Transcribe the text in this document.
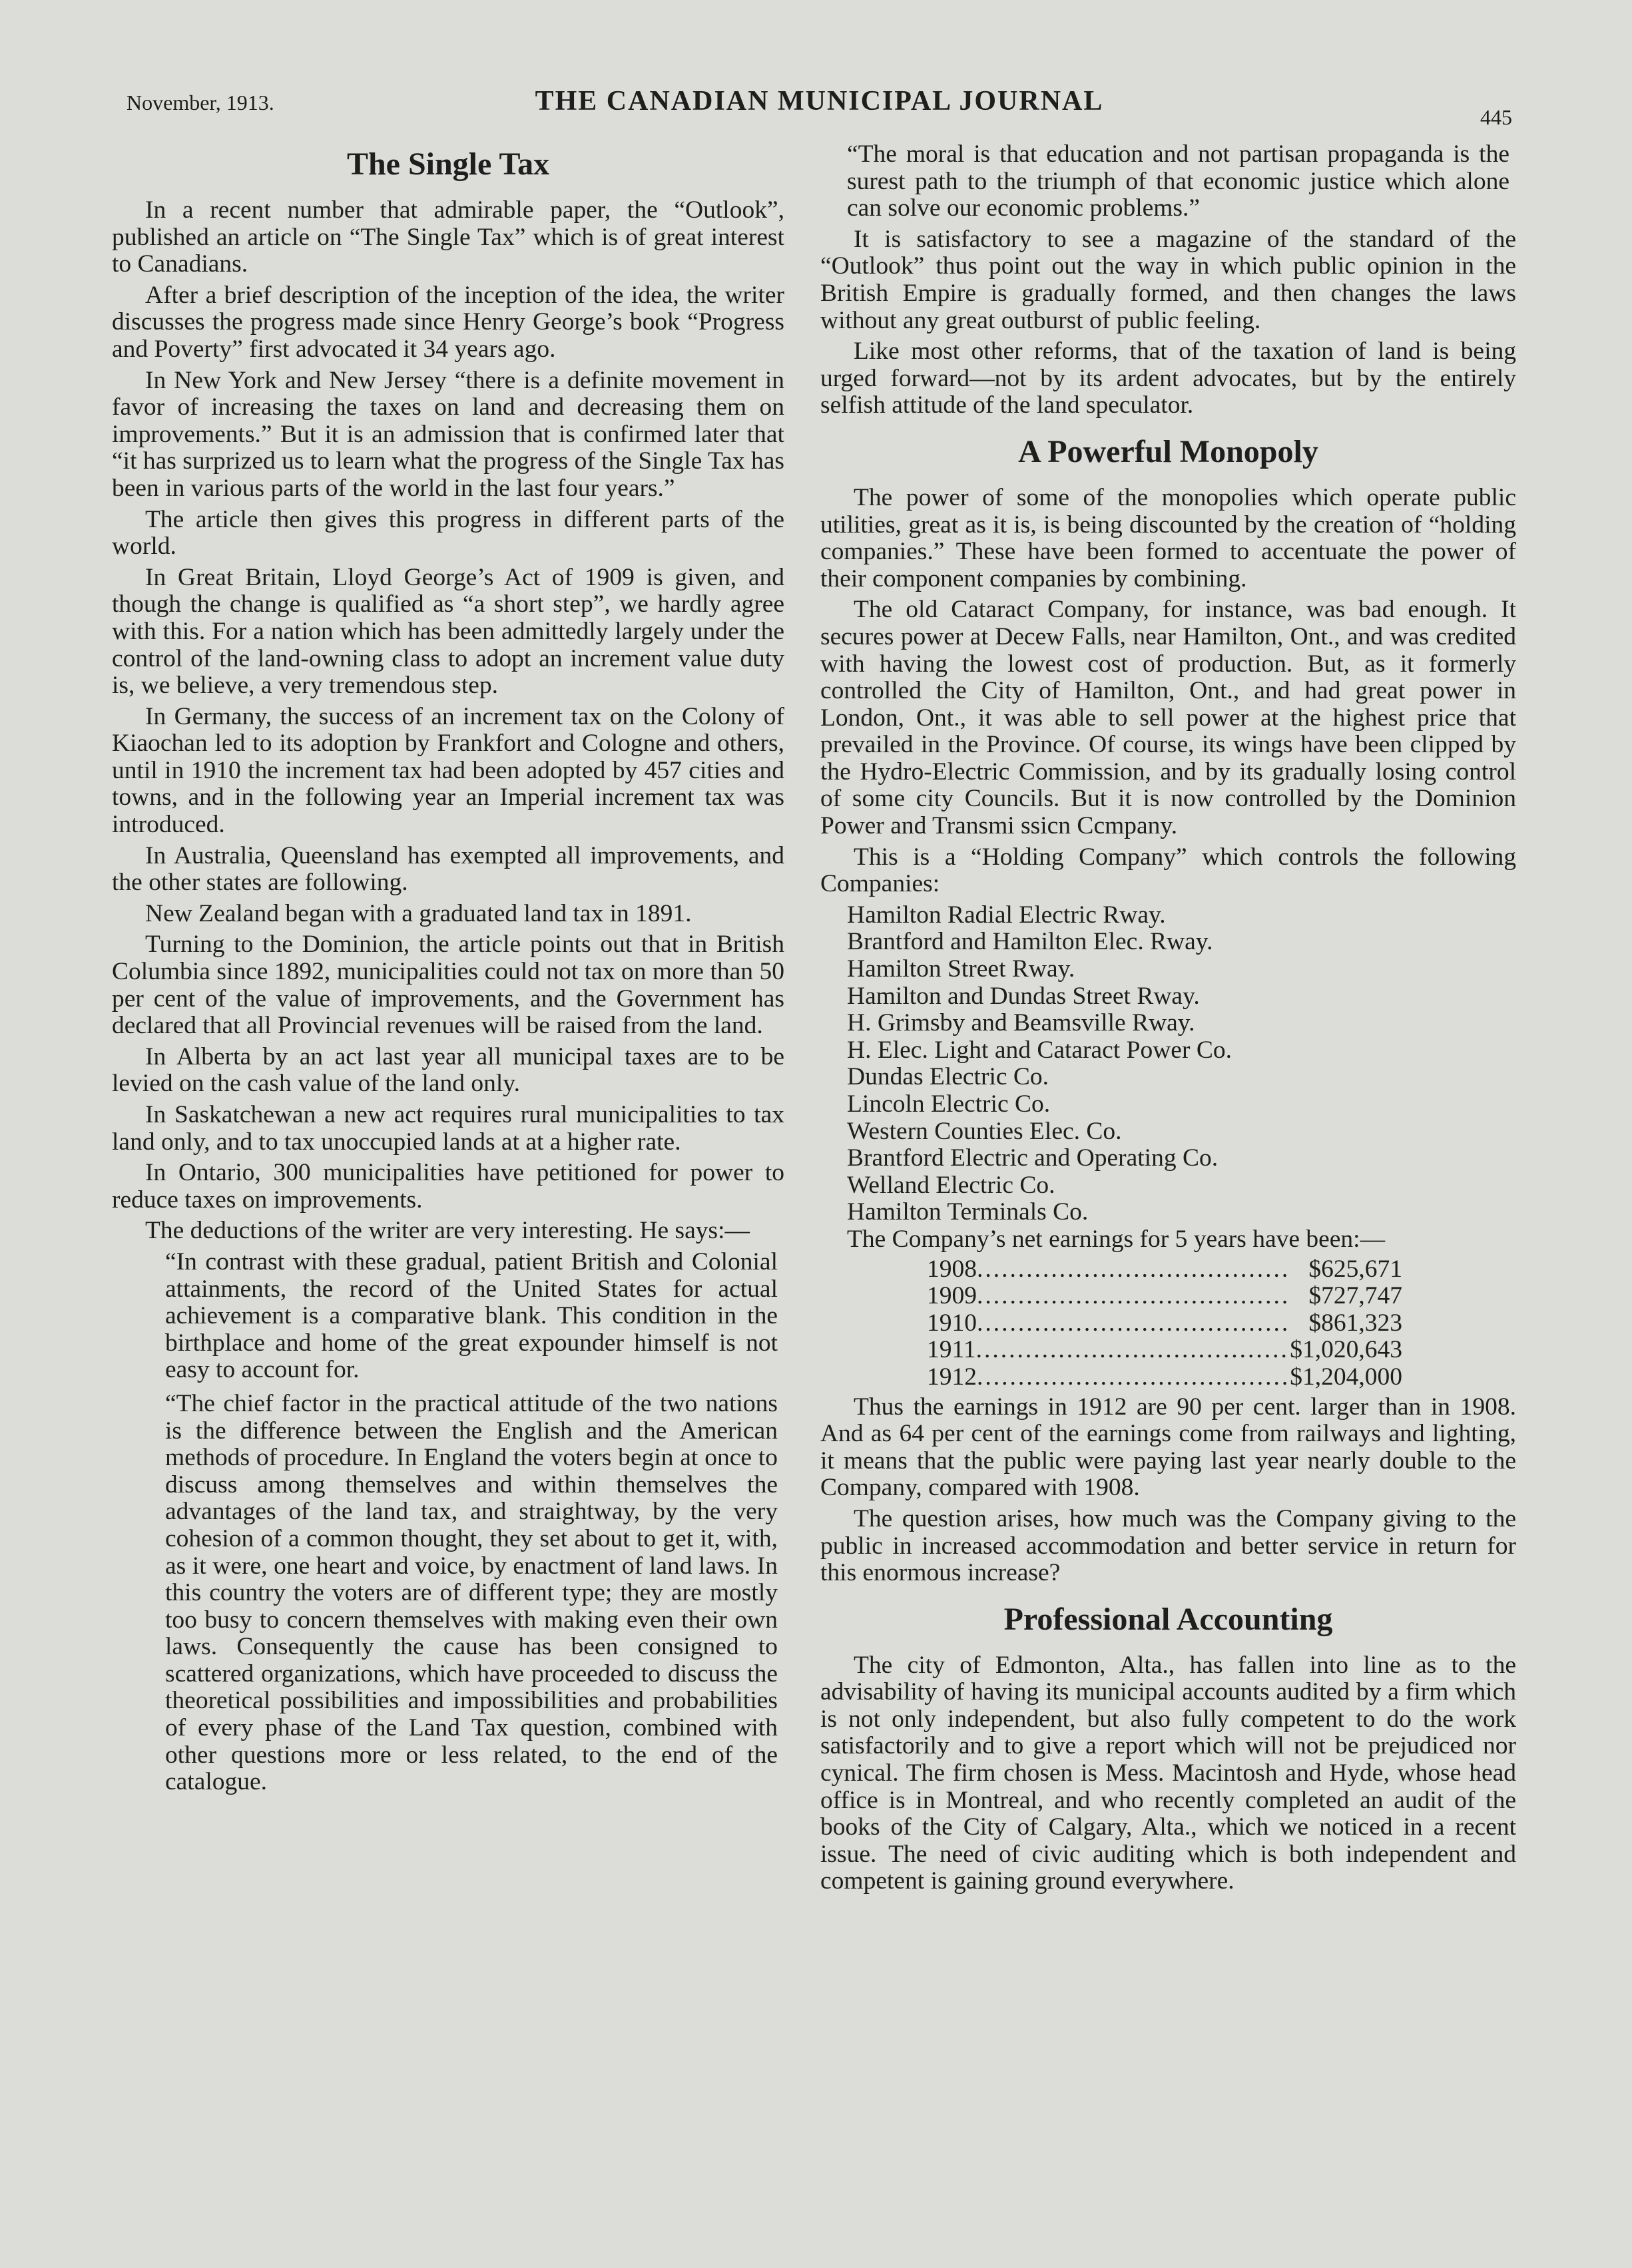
November, 1913.	THE CANADIAN MUNICIPAL JOURNAL
445
The Single Tax

In a recent number that admirable paper, the “Outlook”, published an article on “The Single Tax” which is of great interest to Canadians.

After a brief description of the inception of the idea, the writer discusses the progress made since Henry George’s book “Progress and Poverty” first advocated it 34 years ago.

In New York and New Jersey “there is a definite movement in favor of increasing the taxes on land and decreasing them on improvements.” But it is an admission that is confirmed later that “it has surprized us to learn what the progress of the Single Tax has been in various parts of the world in the last four years.”

The article then gives this progress in different parts of the world.

In Great Britain, Lloyd George’s Act of 1909 is given, and though the change is qualified as “a short step”, we hardly agree with this. For a nation which has been admittedly largely under the control of the land-owning class to adopt an increment value duty is, we believe, a very tremendous step.

In Germany, the success of an increment tax on the Colony of Kiaochan led to its adoption by Frankfort and Cologne and others, until in 1910 the increment tax had been adopted by 457 cities and towns, and in the following year an Imperial increment tax was introduced.

In Australia, Queensland has exempted all improvements, and the other states are following.

New Zealand began with a graduated land tax in 1891.

Turning to the Dominion, the article points out that in British Columbia since 1892, municipalities could not tax on more than 50 per cent of the value of improvements, and the Government has declared that all Provincial revenues will be raised from the land.

In Alberta by an act last year all municipal taxes are to be levied on the cash value of the land only.

In Saskatchewan a new act requires rural municipalities to tax land only, and to tax unoccupied lands at at a higher rate.

In Ontario, 300 municipalities have petitioned for power to reduce taxes on improvements.

The deductions of the writer are very interesting. He says:—

“In contrast with these gradual, patient British and Colonial attainments, the record of the United States for actual achievement is a comparative blank. This condition in the birthplace and home of the great expounder himself is not easy to account for.

“The chief factor in the practical attitude of the two nations is the difference between the English and the American methods of procedure. In England the voters begin at once to discuss among themselves and within themselves the advantages of the land tax, and straightway, by the very cohesion of a common thought, they set about to get it, with, as it were, one heart and voice, by enactment of land laws. In this country the voters are of different type; they are mostly too busy to concern themselves with making even their own laws. Consequently the cause has been consigned to scattered organizations, which have proceeded to discuss the theoretical possibilities and impossibilities and probabilities of every phase of the Land Tax question, combined with other questions more or less related, to the end of the catalogue.

“The moral is that education and not partisan propaganda is the surest path to the triumph of that economic justice which alone can solve our economic problems.”

It is satisfactory to see a magazine of the standard of the “Outlook” thus point out the way in which public opinion in the British Empire is gradually formed, and then changes the laws without any great outburst of public feeling.

Like most other reforms, that of the taxation of land is being urged forward—not by its ardent advocates, but by the entirely selfish attitude of the land speculator.

A Powerful Monopoly

The power of some of the monopolies which operate public utilities, great as it is, is being discounted by the creation of “holding companies.” These have been formed to accentuate the power of their component companies by combining.

The old Cataract Company, for instance, was bad enough. It secures power at Decew Falls, near Hamilton, Ont., and was credited with having the lowest cost of production. But, as it formerly controlled the City of Hamilton, Ont., and had great power in London, Ont., it was able to sell power at the highest price that prevailed in the Province. Of course, its wings have been clipped by the Hydro-Electric Commission, and by its gradually losing control of some city Councils. But it is now controlled by the Dominion Power and Transmi ssicn Ccmpany.

This is a “Holding Company” which controls the following Companies:

Hamilton Radial Electric Rway.
Brantford and Hamilton Elec. Rway.
Hamilton Street Rway.
Hamilton and Dundas Street Rway.
H. Grimsby and Beamsville Rway.
H. Elec. Light and Cataract Power Co.
Dundas Electric Co.
Lincoln Electric Co.
Western Counties Elec. Co.
Brantford Electric and Operating Co.
Welland Electric Co.
Hamilton Terminals Co.
The Company’s net earnings for 5 years have been:—
1908......................................	$625,671
1909......................................	$727,747
1910......................................	$861,323
1911......................................	$1,020,643
1912......................................	$1,204,000

Thus the earnings in 1912 are 90 per cent. larger than in 1908. And as 64 per cent of the earnings come from railways and lighting, it means that the public were paying last year nearly double to the Company, compared with 1908.

The question arises, how much was the Company giving to the public in increased accommodation and better service in return for this enormous increase?

Professional Accounting

The city of Edmonton, Alta., has fallen into line as to the advisability of having its municipal accounts audited by a firm which is not only independent, but also fully competent to do the work satisfactorily and to give a report which will not be prejudiced nor cynical. The firm chosen is Mess. Macintosh and Hyde, whose head office is in Montreal, and who recently completed an audit of the books of the City of Calgary, Alta., which we noticed in a recent issue. The need of civic auditing which is both independent and competent is gaining ground everywhere.
